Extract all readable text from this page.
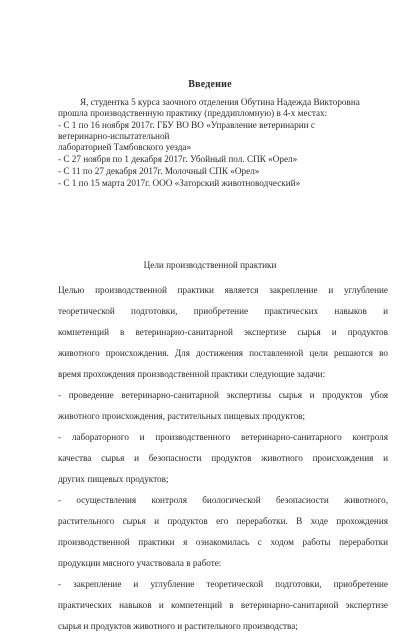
Введение
Я, студентка 5 курса заочного отделения Обутина Надежда Викторовна
прошла производственную практику (преддипломную) в 4-х местах:
- С 1 по 16 ноября 2017г. ГБУ ВО ВО «Управление ветеринарии с
ветеринарно-испытательной
лабораторией Тамбовского уезда»
- С 27 ноября по 1 декабря 2017г. Убойный пол. СПК «Орел»
- С 11 по 27 декабря 2017г. Молочный СПК «Орел»
- С 1 по 15 марта 2017г. ООО «Заторский животноводческий»
Цели производственной практики
Целью производственной практики является закрепление и углубление
теоретической подготовки, приобретение практических навыков и
компетенций в ветеринарно-санитарной экспертизе сырья и продуктов
животного происхождения. Для достижения поставленной цели решаются во
время прохождения производственной практики следующие задачи:
- проведение ветеринарно-санитарной экспертизы сырья и продуктов убоя
животного происхождения, растительных пищевых продуктов;
- лабораторного и производственного ветеринарно-санитарного контроля
качества сырья и безопасности продуктов животного происхождения и
других пищевых продуктов;
- осуществления контроля биологической безопасности животного,
растительного сырья и продуктов его переработки. В ходе прохождения
производственной практики я ознакомилась с ходом работы переработки
продукции мясного участвовала в работе:
- закрепление и углубление теоретической подготовки, приобретение
практических навыков и компетенций в ветеринарно-санитарной экспертизе
сырья и продуктов животного и растительного производства;
